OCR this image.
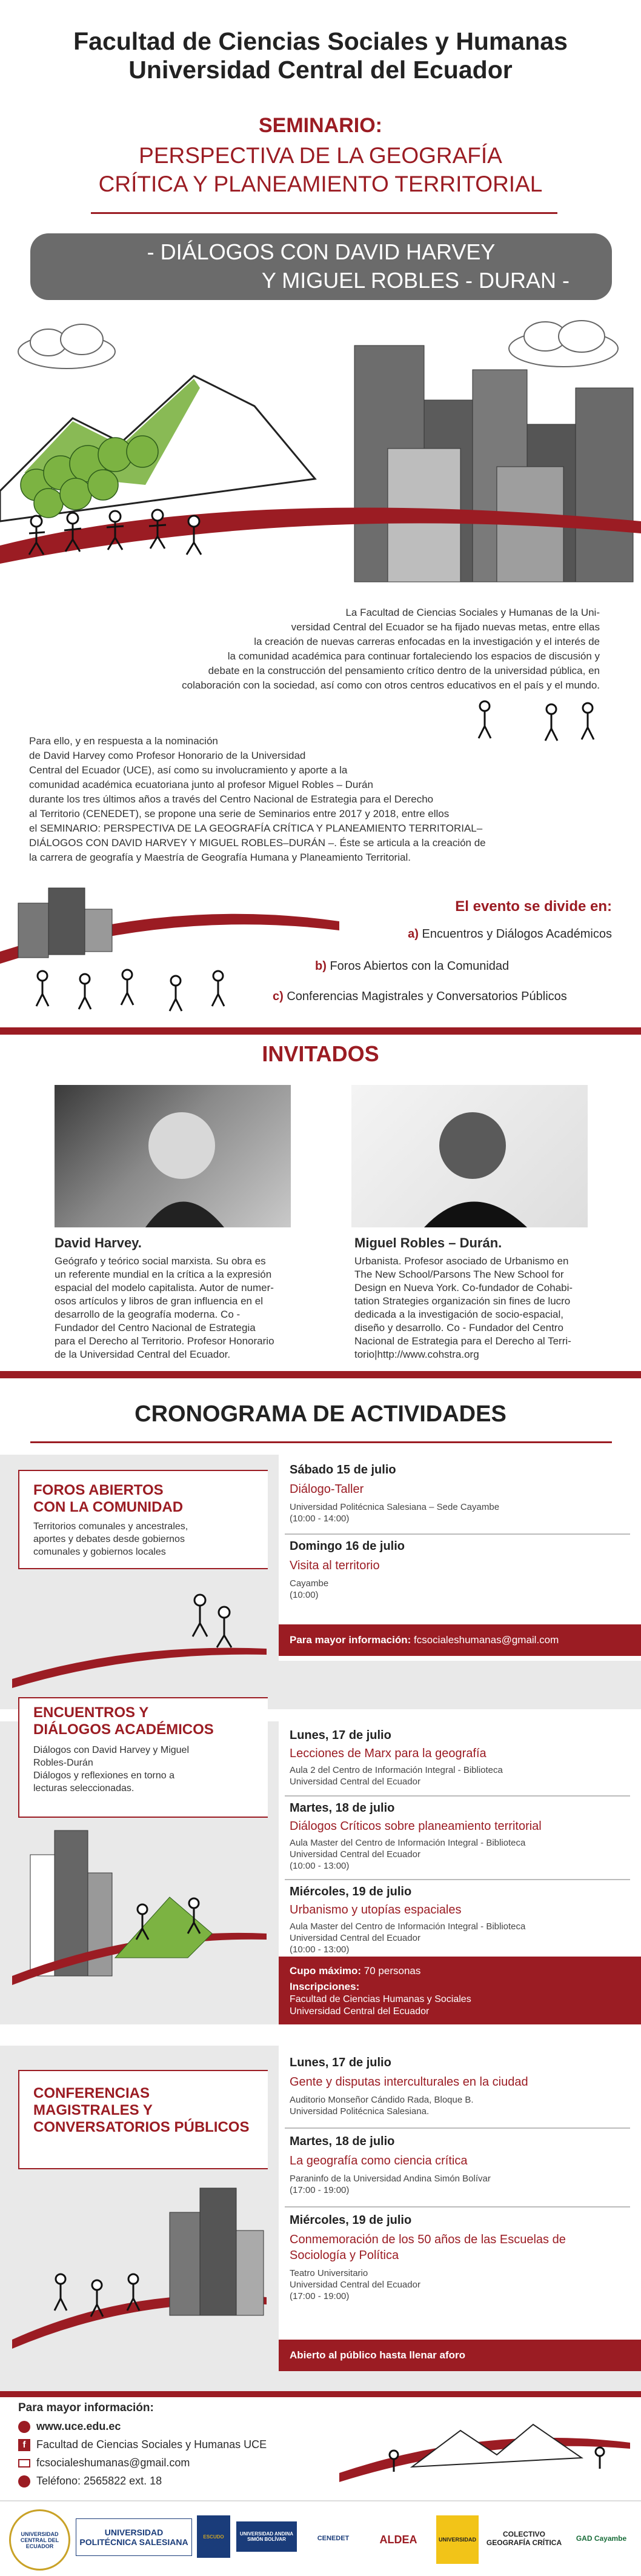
Facultad de Ciencias Sociales y Humanas
Universidad Central del Ecuador
SEMINARIO:
PERSPECTIVA DE LA GEOGRAFÍA
CRÍTICA Y PLANEAMIENTO TERRITORIAL
- DIÁLOGOS CON DAVID HARVEY
Y MIGUEL ROBLES - DURAN -
La Facultad de Ciencias Sociales y Humanas de la Uni-
versidad Central del Ecuador se ha fijado nuevas metas, entre ellas
la creación de nuevas carreras enfocadas en la investigación y el interés de
la comunidad académica para continuar fortaleciendo los espacios de discusión y
debate en la construcción del pensamiento crítico dentro de la universidad pública, en
colaboración con la sociedad, así como con otros centros educativos en el país y el mundo.
Para ello, y en respuesta a la nominación
de David Harvey como Profesor Honorario de la Universidad
Central del Ecuador (UCE), así como su involucramiento y aporte a la
comunidad académica ecuatoriana junto al profesor Miguel Robles – Durán
durante los tres últimos años a través del Centro Nacional de Estrategia para el Derecho
al Territorio (CENEDET), se propone una serie de Seminarios entre 2017 y 2018, entre ellos
el SEMINARIO: PERSPECTIVA DE LA GEOGRAFÍA CRÍTICA Y PLANEAMIENTO TERRITORIAL–
DIÁLOGOS CON DAVID HARVEY Y MIGUEL ROBLES–DURÁN –. Éste se articula a la creación de
la carrera de geografía y Maestría de Geografía Humana y Planeamiento Territorial.
El evento se divide en:
a) Encuentros y Diálogos Académicos
b) Foros Abiertos con la Comunidad
c) Conferencias Magistrales y Conversatorios Públicos
INVITADOS
David Harvey.
Geógrafo y teórico social marxista. Su obra es
un referente mundial en la crítica a la expresión
espacial del modelo capitalista. Autor de numer-
osos artículos y libros de gran influencia en el
desarrollo de la geografía moderna. Co -
Fundador del Centro Nacional de Estrategia
para el Derecho al Territorio. Profesor Honorario
de la Universidad Central del Ecuador.
Miguel Robles – Durán.
Urbanista. Profesor asociado de Urbanismo en
The New School/Parsons The New School for
Design en Nueva York. Co-fundador de Cohabi-
tation Strategies organización sin fines de lucro
dedicada a la investigación de socio-espacial,
diseño y desarrollo. Co - Fundador del Centro
Nacional de Estrategia para el Derecho al Terri-
torio|http://www.cohstra.org
CRONOGRAMA DE ACTIVIDADES
FOROS ABIERTOS
CON LA COMUNIDAD
Territorios comunales y ancestrales,
aportes y debates desde gobiernos
comunales y gobiernos locales
Sábado 15 de julio
Diálogo-Taller
Universidad Politécnica Salesiana – Sede Cayambe
(10:00 - 14:00)
Domingo 16 de julio
Visita al territorio
Cayambe
(10:00)
Para mayor información: fcsocialeshumanas@gmail.com
ENCUENTROS Y
DIÁLOGOS ACADÉMICOS
Diálogos con David Harvey y Miguel
Robles-Durán
Diálogos y reflexiones en torno a
lecturas seleccionadas.
Lunes, 17 de julio
Lecciones de Marx para la geografía
Aula 2 del Centro de Información Integral - Biblioteca
Universidad Central del Ecuador
Martes, 18 de julio
Diálogos Críticos sobre planeamiento territorial
Aula Master del Centro de Información Integral - Biblioteca
Universidad Central del Ecuador
(10:00 - 13:00)
Miércoles, 19 de julio
Urbanismo y utopías espaciales
Aula Master del Centro de Información Integral - Biblioteca
Universidad Central del Ecuador
(10:00 - 13:00)
Cupo máximo: 70 personas
Inscripciones:
Facultad de Ciencias Humanas y Sociales
Universidad Central del Ecuador
CONFERENCIAS
MAGISTRALES Y
CONVERSATORIOS PÚBLICOS
Lunes, 17 de julio
Gente y disputas interculturales en la ciudad
Auditorio Monseñor Cándido Rada, Bloque B.
Universidad Politécnica Salesiana.
Martes, 18 de julio
La geografía como ciencia crítica
Paraninfo de la Universidad Andina Simón Bolívar
(17:00 - 19:00)
Miércoles, 19 de julio
Conmemoración de los 50 años de las Escuelas de
Sociología y Política
Teatro Universitario
Universidad Central del Ecuador
(17:00 - 19:00)
Abierto al público hasta llenar aforo
Para mayor información:
www.uce.edu.ec
f Facultad de Ciencias Sociales y Humanas UCE
fcsocialeshumanas@gmail.com
Teléfono: 2565822 ext. 18
UNIVERSIDAD CENTRAL DEL ECUADOR
UNIVERSIDAD POLITÉCNICA SALESIANA
ESCUDO	UNIVERSIDAD ANDINA SIMÓN BOLÍVAR	CENEDET	ALDEA	UNIVERSIDAD
COLECTIVO GEOGRAFÍA CRÍTICA	GAD Cayambe
